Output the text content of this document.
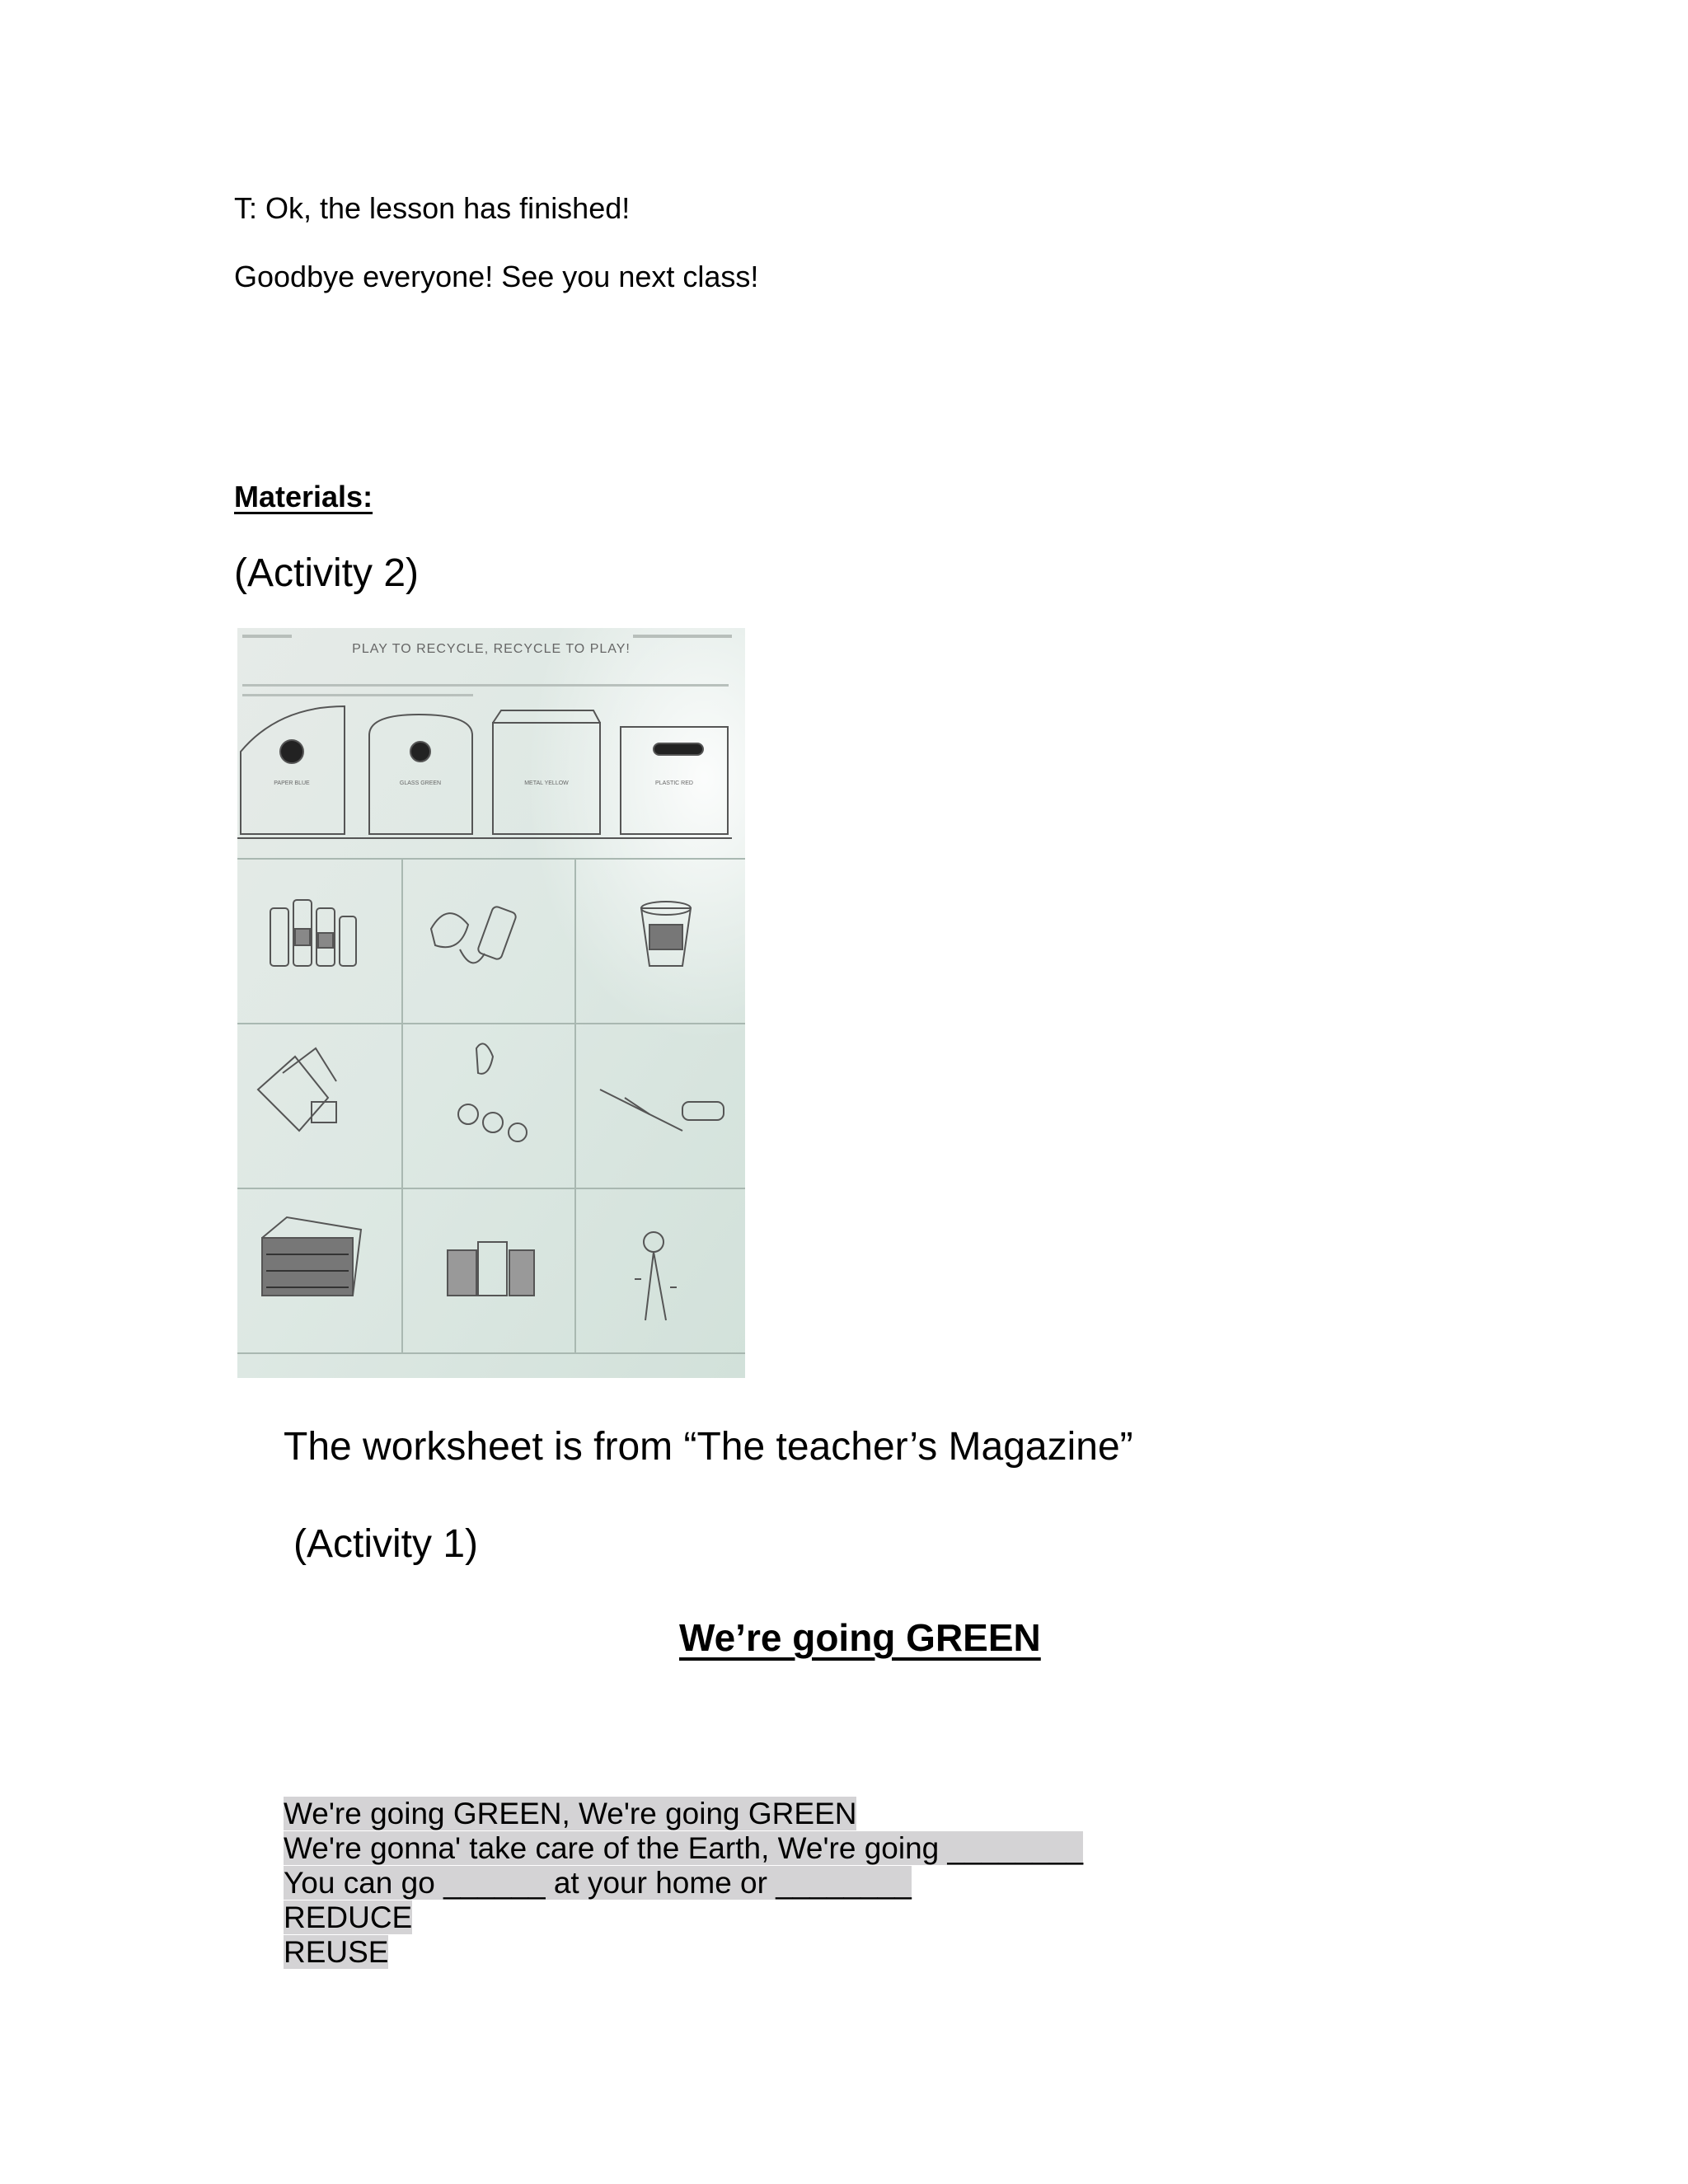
T: Ok, the lesson has finished!
Goodbye everyone! See you next class!
Materials:
(Activity 2)
PLAY TO RECYCLE, RECYCLE TO PLAY!
PAPER BLUE	GLASS GREEN	METAL YELLOW	PLASTIC RED
The worksheet is from “The teacher’s Magazine”
(Activity 1)
We’re going GREEN
We're going GREEN, We're going GREEN
We're gonna' take care of the Earth, We're going ________
You can go ______ at your home or ________
REDUCE
REUSE
